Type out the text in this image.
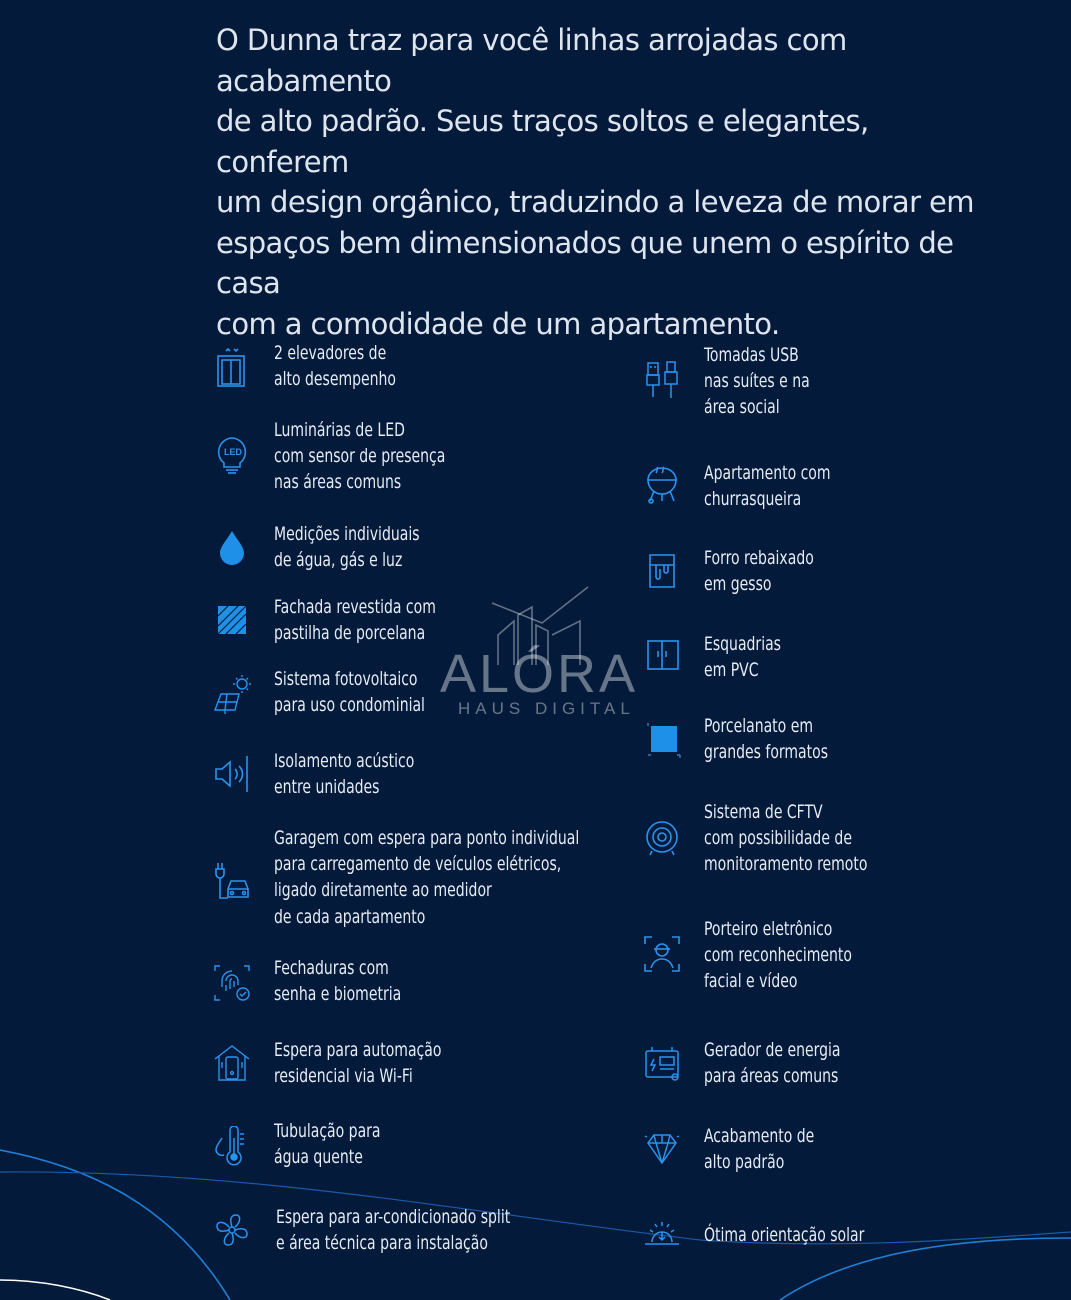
O Dunna traz para você linhas arrojadas com acabamento

de alto padrão. Seus traços soltos e elegantes, conferem

um design orgânico, traduzindo a leveza de morar em

espaços bem dimensionados que unem o espírito de casa

com a comodidade de um apartamento.

2 elevadores de
alto desempenho
LED
Luminárias de LED
com sensor de presença
nas áreas comuns
Medições individuais
de água, gás e luz
Fachada revestida com
pastilha de porcelana
Sistema fotovoltaico
para uso condominial
Isolamento acústico
entre unidades
Garagem com espera para ponto individual
para carregamento de veículos elétricos,
ligado diretamente ao medidor
de cada apartamento
Fechaduras com
senha e biometria
Espera para automação
residencial via Wi-Fi
Tubulação para
água quente
Espera para ar-condicionado split
e área técnica para instalação
Tomadas USB
nas suítes e na
área social
Apartamento com
churrasqueira
Forro rebaixado
em gesso
Esquadrias
em PVC
Porcelanato em
grandes formatos
Sistema de CFTV
com possibilidade de
monitoramento remoto
Porteiro eletrônico
com reconhecimento
facial e vídeo
Gerador de energia
para áreas comuns
Acabamento de
alto padrão
Ótima orientação solar
ALÓRA
HAUS DIGITAL
